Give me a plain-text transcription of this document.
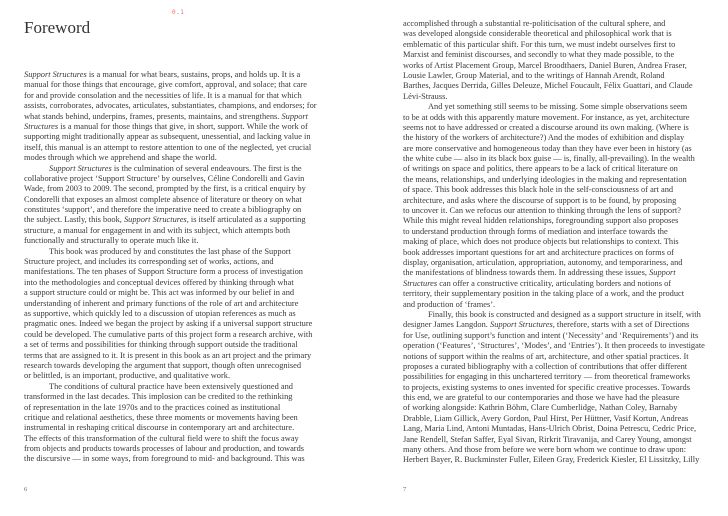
0.1
Foreword
Support Structures is a manual for what bears, sustains, props, and holds up. It is a
manual for those things that encourage, give comfort, approval, and solace; that care
for and provide consolation and the necessities of life. It is a manual for that which
assists, corroborates, advocates, articulates, substantiates, champions, and endorses; for
what stands behind, underpins, frames, presents, maintains, and strengthens. Support
Structures is a manual for those things that give, in short, support. While the work of
supporting might traditionally appear as subsequent, unessential, and lacking value in
itself, this manual is an attempt to restore attention to one of the neglected, yet crucial
modes through which we apprehend and shape the world.
Support Structures is the culmination of several endeavours. The first is the
collaborative project ‘Support Structure’ by ourselves, Céline Condorelli and Gavin
Wade, from 2003 to 2009. The second, prompted by the first, is a critical enquiry by
Condorelli that exposes an almost complete absence of literature or theory on what
constitutes ‘support’, and therefore the imperative need to create a bibliography on
the subject. Lastly, this book, Support Structures, is itself articulated as a supporting
structure, a manual for engagement in and with its subject, which attempts both
functionally and structurally to operate much like it.
This book was produced by and constitutes the last phase of the Support
Structure project, and includes its corresponding set of works, actions, and
manifestations. The ten phases of Support Structure form a process of investigation
into the methodologies and conceptual devices offered by thinking through what
a support structure could or might be. This act was informed by our belief in and
understanding of inherent and primary functions of the role of art and architecture
as supportive, which quickly led to a discussion of utopian references as much as
pragmatic ones. Indeed we began the project by asking if a universal support structure
could be developed. The cumulative parts of this project form a research archive, with
a set of terms and possibilities for thinking through support outside the traditional
terms that are assigned to it. It is present in this book as an art project and the primary
research towards developing the argument that support, though often unrecognised
or belittled, is an important, productive, and qualitative work.
The conditions of cultural practice have been extensively questioned and
transformed in the last decades. This implosion can be credited to the rethinking
of representation in the late 1970s and to the practices coined as institutional
critique and relational aesthetics, these three moments or movements having been
instrumental in reshaping critical discourse in contemporary art and architecture.
The effects of this transformation of the cultural field were to shift the focus away
from objects and products towards processes of labour and production, and towards
the discursive — in some ways, from foreground to mid- and background. This was
6
accomplished through a substantial re-politicisation of the cultural sphere, and
was developed alongside considerable theoretical and philosophical work that is
emblematic of this particular shift. For this turn, we must indebt ourselves first to
Marxist and feminist discourses, and secondly to what they made possible, to the
works of Artist Placement Group, Marcel Broodthaers, Daniel Buren, Andrea Fraser,
Lousie Lawler, Group Material, and to the writings of Hannah Arendt, Roland
Barthes, Jacques Derrida, Gilles Deleuze, Michel Foucault, Félix Guattari, and Claude
Lévi-Strauss.
And yet something still seems to be missing. Some simple observations seem
to be at odds with this apparently mature movement. For instance, as yet, architecture
seems not to have addressed or created a discourse around its own making. (Where is
the history of the workers of architecture?) And the modes of exhibition and display
are more conservative and homogeneous today than they have ever been in history (as
the white cube — also in its black box guise — is, finally, all-prevailing). In the wealth
of writings on space and politics, there appears to be a lack of critical literature on
the means, relationships, and underlying ideologies in the making and representation
of space. This book addresses this black hole in the self-consciousness of art and
architecture, and asks where the discourse of support is to be found, by proposing
to uncover it. Can we refocus our attention to thinking through the lens of support?
While this might reveal hidden relationships, foregrounding support also proposes
to understand production through forms of mediation and interface towards the
making of place, which does not produce objects but relationships to context. This
book addresses important questions for art and architecture practices on forms of
display, organisation, articulation, appropriation, autonomy, and temporariness, and
the manifestations of blindness towards them. In addressing these issues, Support
Structures can offer a constructive criticality, articulating borders and notions of
territory, their supplementary position in the taking place of a work, and the product
and production of ‘frames’.
Finally, this book is constructed and designed as a support structure in itself, with
designer James Langdon. Support Structures, therefore, starts with a set of Directions
for Use, outlining support’s function and intent (‘Necessity’ and ‘Requirements’) and its
operation (‘Features’, ‘Structures’, ‘Modes’, and ‘Entries’). It then proceeds to investigate
notions of support within the realms of art, architecture, and other spatial practices. It
proposes a curated bibliography with a collection of contributions that offer different
possibilities for engaging in this unchartered territory — from theoretical frameworks
to projects, existing systems to ones invented for specific creative processes. Towards
this end, we are grateful to our contemporaries and those we have had the pleasure
of working alongside: Kathrin Böhm, Clare Cumberlidge, Nathan Coley, Barnaby
Drabble, Liam Gillick, Avery Gordon, Paul Hirst, Per Hüttner, Vasif Kortun, Andreas
Lang, Maria Lind, Antoni Muntadas, Hans-Ulrich Obrist, Doina Petrescu, Cedric Price,
Jane Rendell, Stefan Saffer, Eyal Sivan, Rirkrit Tiravanija, and Carey Young, amongst
many others. And those from before we were born whom we continue to draw upon:
Herbert Bayer, R. Buckminster Fuller, Eileen Gray, Frederick Kiesler, El Lissitzky, Lilly
7
